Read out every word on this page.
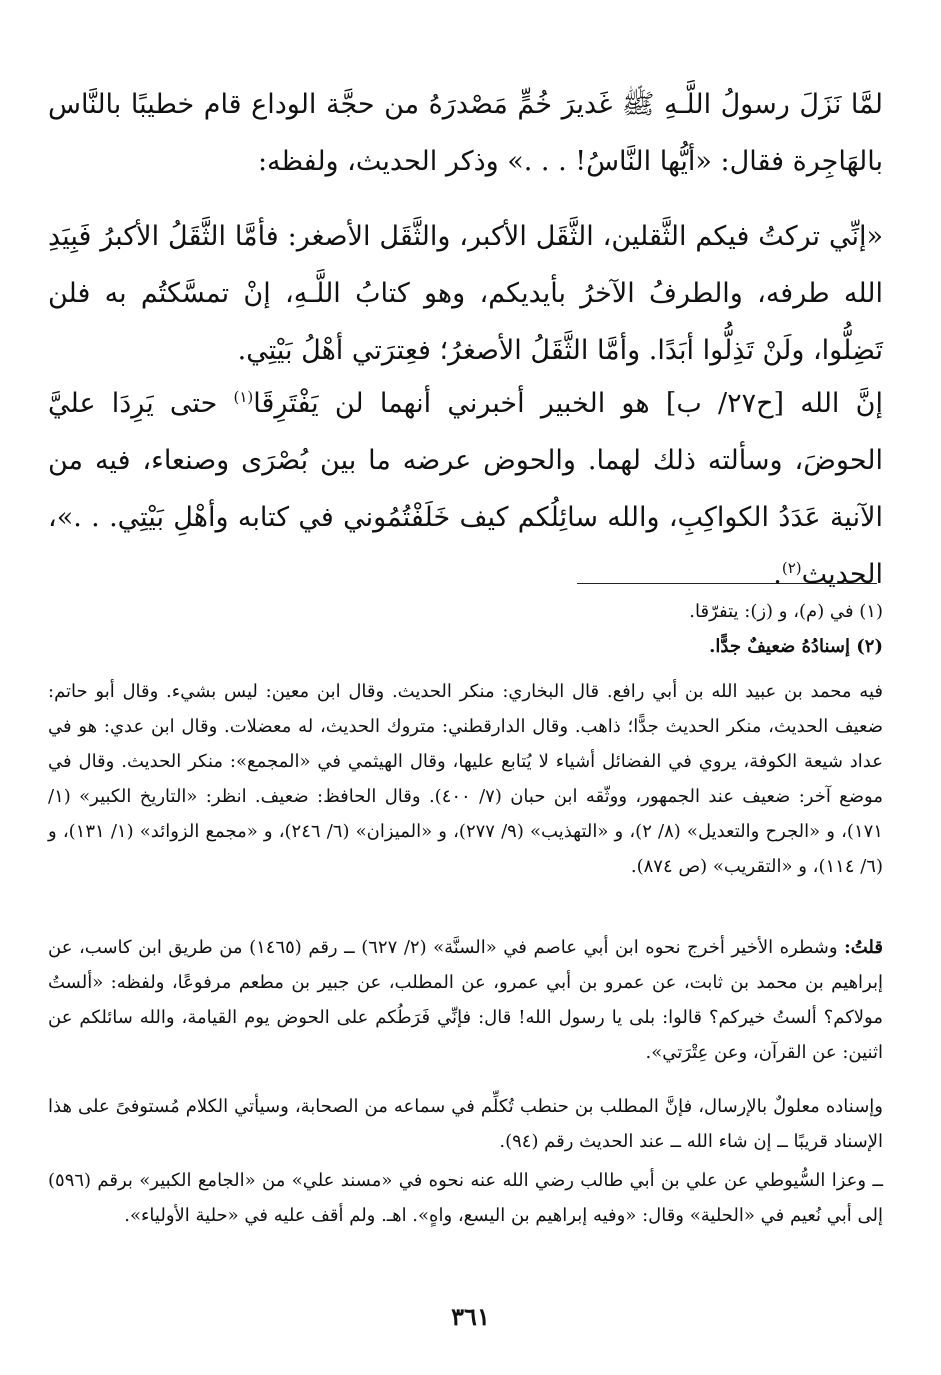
لمَّا نَزَلَ رسولُ اللَّـهِ ﷺ غَديرَ خُمٍّ مَصْدرَهُ من حجَّة الوداع قام خطيبًا بالنَّاس بالهَاجِرة فقال: «أيُّها النَّاسُ! . . .» وذكر الحديث، ولفظه:

«إنِّي تركتُ فيكم الثَّقلين، الثَّقَل الأكبر، والثَّقَل الأصغر: فأمَّا الثَّقَلُ الأكبرُ فَبِيَدِ الله طرفه، والطرفُ الآخرُ بأيديكم، وهو كتابُ اللَّـهِ، إنْ تمسَّكتُم به فلن تَضِلُّوا، ولَنْ تَذِلُّوا أبَدًا. وأمَّا الثَّقَلُ الأصغرُ؛ فعِترَتي أهْلُ بَيْتِي.

إنَّ الله [ح٢٧/ ب] هو الخبير أخبرني أنهما لن يَفْتَرِقَا$^{(١)}$ حتى يَرِدَا عليَّ الحوضَ، وسألته ذلك لهما. والحوض عرضه ما بين بُصْرَى وصنعاء، فيه من الآنية عَدَدُ الكواكِبِ، والله سائِلُكم كيف خَلَفْتُمُوني في كتابه وأهْلِ بَيْتِي. . .»، الحديث$^{(٢)}$.

(١) في (م)، و (ز): يتفرّقا.

(٢) إسنادُهُ ضعيفٌ جدًّا.

فيه محمد بن عبيد الله بن أبي رافع. قال البخاري: منكر الحديث. وقال ابن معين: ليس بشيء. وقال أبو حاتم: ضعيف الحديث، منكر الحديث جدًّا؛ ذاهب. وقال الدارقطني: متروك الحديث، له معضلات. وقال ابن عدي: هو في عداد شيعة الكوفة، يروي في الفضائل أشياء لا يُتابع عليها، وقال الهيثمي في «المجمع»: منكر الحديث. وقال في موضع آخر: ضعيف عند الجمهور، ووثّقه ابن حبان (٧/ ٤٠٠). وقال الحافظ: ضعيف. انظر: «التاريخ الكبير» (١/ ١٧١)، و «الجرح والتعديل» (٨/ ٢)، و «التهذيب» (٩/ ٢٧٧)، و «الميزان» (٦/ ٢٤٦)، و «مجمع الزوائد» (١/ ١٣١)، و (٦/ ١١٤)، و «التقريب» (ص ٨٧٤).

قلتُ: وشطره الأخير أخرج نحوه ابن أبي عاصم في «السنَّة» (٢/ ٦٢٧) ــ رقم (١٤٦٥) من طريق ابن كاسب، عن إبراهيم بن محمد بن ثابت، عن عمرو بن أبي عمرو، عن المطلب، عن جبير بن مطعم مرفوعًا، ولفظه: «ألستُ مولاكم؟ ألستُ خيركم؟ قالوا: بلى يا رسول الله! قال: فإنِّي فَرَطُكم على الحوض يوم القيامة، والله سائلكم عن اثنين: عن القرآن، وعن عِتْرَتي».

وإسناده معلولٌ بالإرسال، فإنَّ المطلب بن حنطب تُكلِّم في سماعه من الصحابة، وسيأتي الكلام مُستوفىً على هذا الإسناد قريبًا ــ إن شاء الله ــ عند الحديث رقم (٩٤).

ــ وعزا السُّيوطي عن علي بن أبي طالب رضي الله عنه نحوه في «مسند علي» من «الجامع الكبير» برقم (٥٩٦) إلى أبي نُعيم في «الحلية» وقال: «وفيه إبراهيم بن اليسع، واهٍ». اهـ. ولم أقف عليه في «حلية الأولياء».

٣٦١
